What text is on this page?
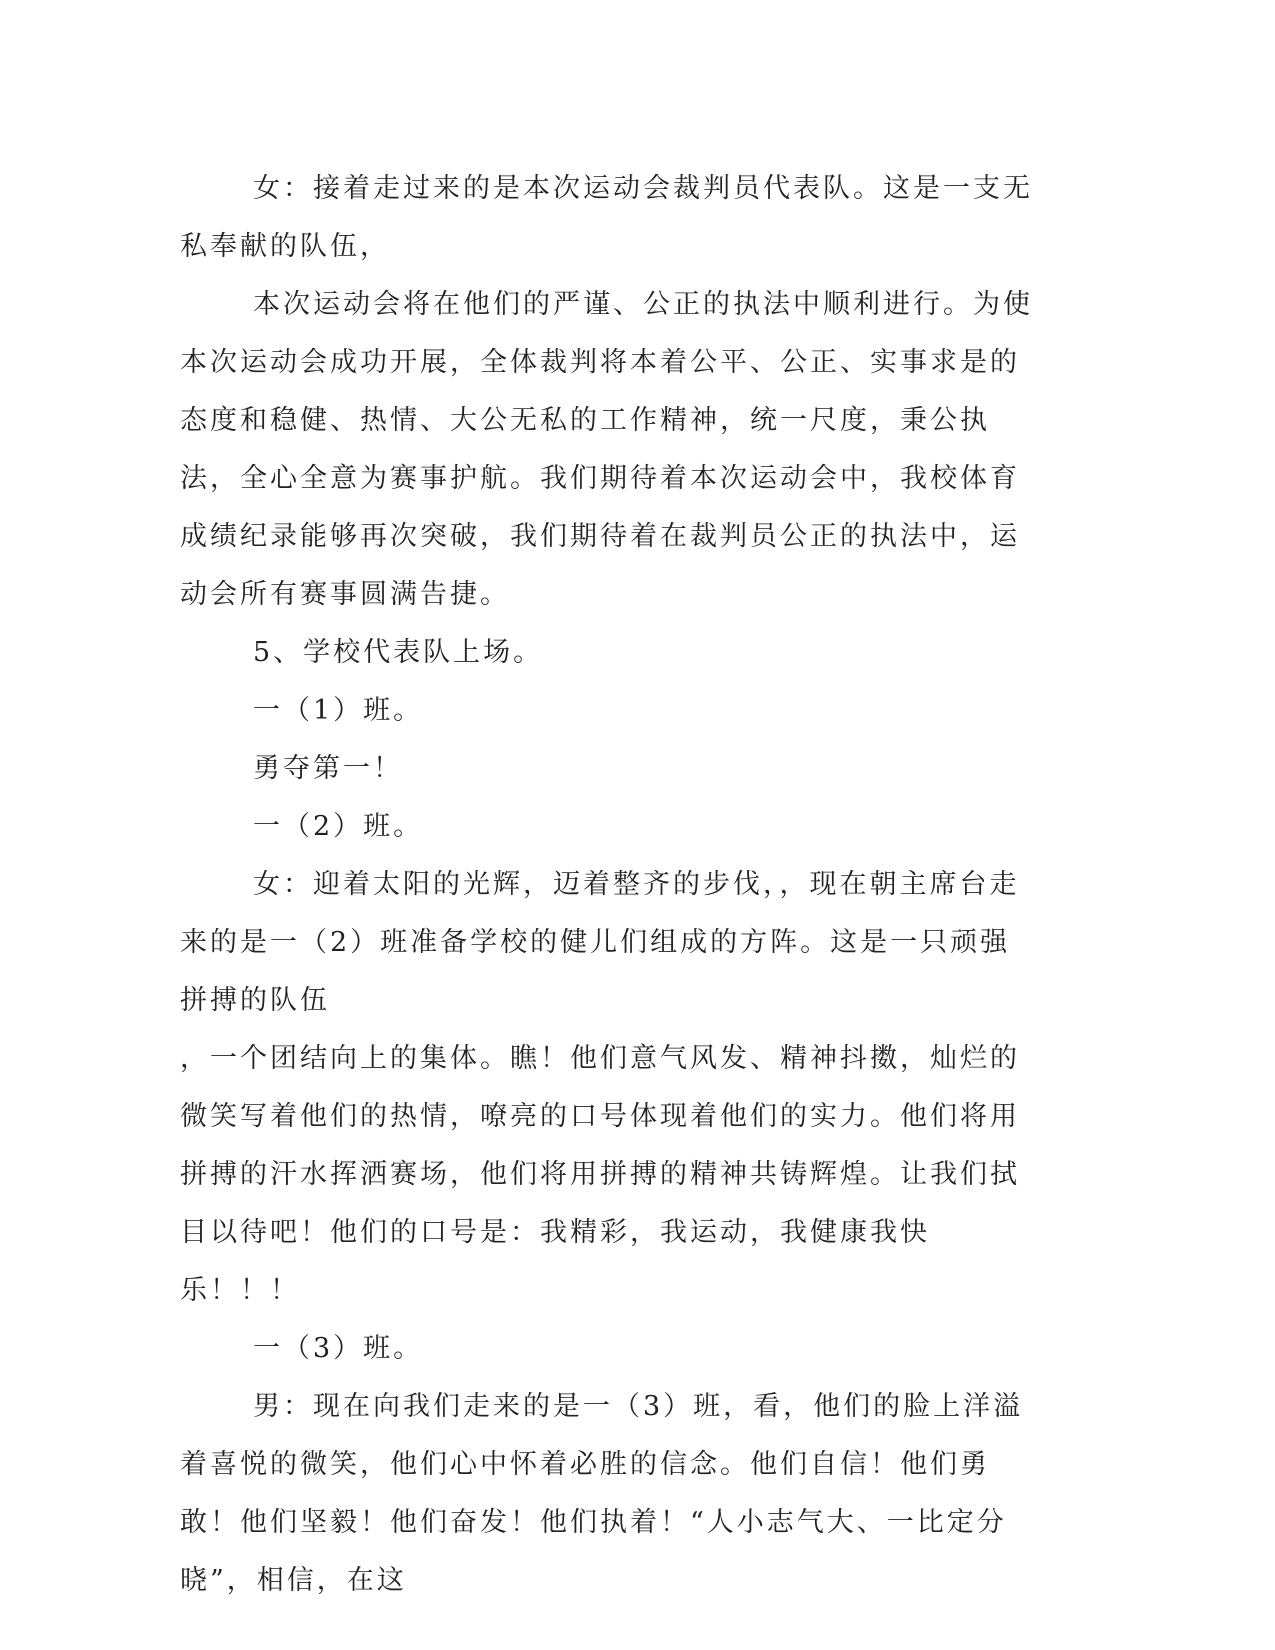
女：接着走过来的是本次运动会裁判员代表队。这是一支无私奉献的队伍，

本次运动会将在他们的严谨、公正的执法中顺利进行。为使本次运动会成功开展，全体裁判将本着公平、公正、实事求是的态度和稳健、热情、大公无私的工作精神，统一尺度，秉公执法，全心全意为赛事护航。我们期待着本次运动会中，我校体育成绩纪录能够再次突破，我们期待着在裁判员公正的执法中，运动会所有赛事圆满告捷。

5、学校代表队上场。

一（1）班。

勇夺第一！

一（2）班。

女：迎着太阳的光辉，迈着整齐的步伐，，现在朝主席台走来的是一（2）班准备学校的健儿们组成的方阵。这是一只顽强拼搏的队伍

，一个团结向上的集体。瞧！他们意气风发、精神抖擞，灿烂的微笑写着他们的热情，嘹亮的口号体现着他们的实力。他们将用拼搏的汗水挥洒赛场，他们将用拼搏的精神共铸辉煌。让我们拭目以待吧！他们的口号是：我精彩，我运动，我健康我快乐！！！

一（3）班。

男：现在向我们走来的是一（3）班，看，他们的脸上洋溢着喜悦的微笑，他们心中怀着必胜的信念。他们自信！他们勇敢！他们坚毅！他们奋发！他们执着！“人小志气大、一比定分晓”，相信，在这
